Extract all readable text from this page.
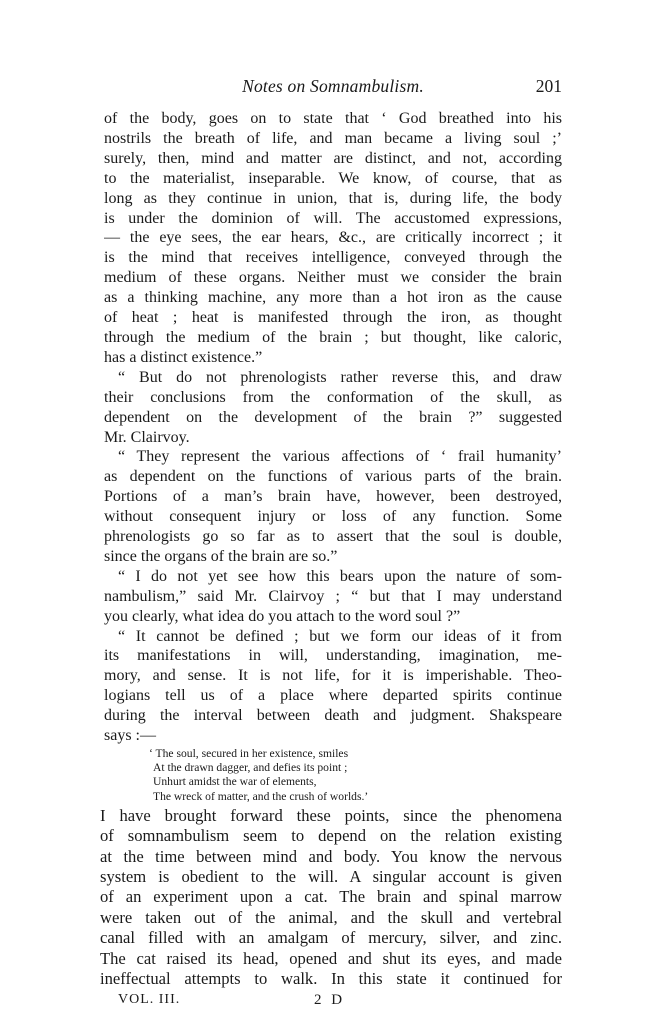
Notes on Somnambulism.	201

of the body, goes on to state that ‘ God breathed into his
nostrils the breath of life, and man became a living soul ;’
surely, then, mind and matter are distinct, and not, according
to the materialist, inseparable. We know, of course, that as
long as they continue in union, that is, during life, the body
is under the dominion of will. The accustomed expressions,
— the eye sees, the ear hears, &c., are critically incorrect ; it
is the mind that receives intelligence, conveyed through the
medium of these organs. Neither must we consider the brain
as a thinking machine, any more than a hot iron as the cause
of heat ; heat is manifested through the iron, as thought
through the medium of the brain ; but thought, like caloric,
has a distinct existence.”

“ But do not phrenologists rather reverse this, and draw
their conclusions from the conformation of the skull, as
dependent on the development of the brain ?” suggested
Mr. Clairvoy.

“ They represent the various affections of ‘ frail humanity’
as dependent on the functions of various parts of the brain.
Portions of a man’s brain have, however, been destroyed,
without consequent injury or loss of any function. Some
phrenologists go so far as to assert that the soul is double,
since the organs of the brain are so.”

“ I do not yet see how this bears upon the nature of som-
nambulism,” said Mr. Clairvoy ; “ but that I may understand
you clearly, what idea do you attach to the word soul ?”

“ It cannot be defined ; but we form our ideas of it from
its manifestations in will, understanding, imagination, me-
mory, and sense. It is not life, for it is imperishable. Theo-
logians tell us of a place where departed spirits continue
during the interval between death and judgment. Shakspeare
says :—

‘ The soul, secured in her existence, smiles
At the drawn dagger, and defies its point ;
Unhurt amidst the war of elements,
The wreck of matter, and the crush of worlds.’

I have brought forward these points, since the phenomena
of somnambulism seem to depend on the relation existing
at the time between mind and body. You know the nervous
system is obedient to the will. A singular account is given
of an experiment upon a cat. The brain and spinal marrow
were taken out of the animal, and the skull and vertebral
canal filled with an amalgam of mercury, silver, and zinc.
The cat raised its head, opened and shut its eyes, and made
ineffectual attempts to walk. In this state it continued for

VOL. III.	2 D
